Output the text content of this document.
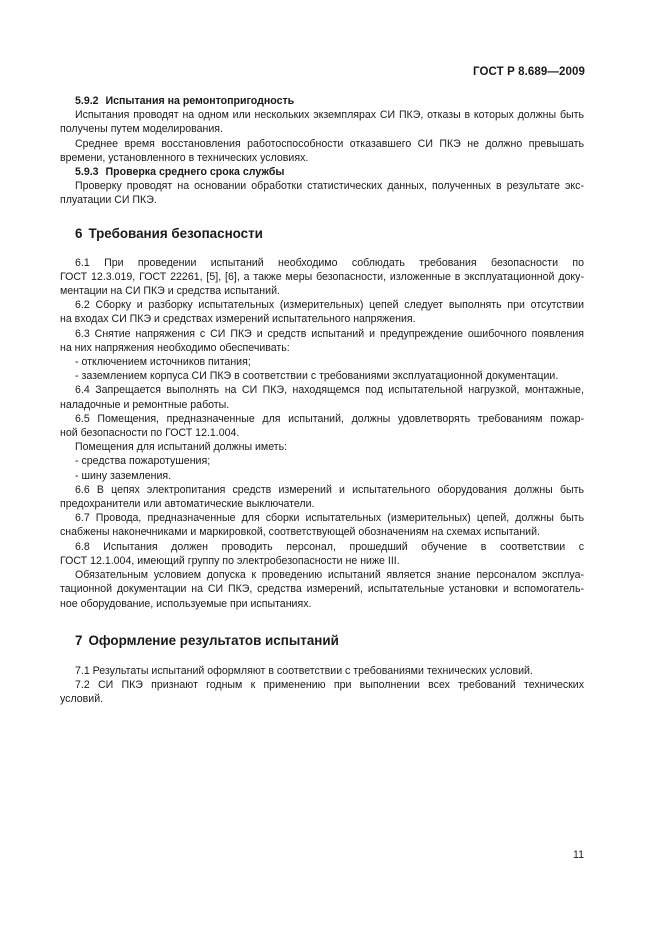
ГОСТ Р 8.689—2009
5.9.2 Испытания на ремонтопригодность
Испытания проводят на одном или нескольких экземплярах СИ ПКЭ, отказы в которых должны быть
получены путем моделирования.
Среднее время восстановления работоспособности отказавшего СИ ПКЭ не должно превышать
времени, установленного в технических условиях.
5.9.3 Проверка среднего срока службы
Проверку проводят на основании обработки статистических данных, полученных в результате экс-
плуатации СИ ПКЭ.
6 Требования безопасности
6.1 При проведении испытаний необходимо соблюдать требования безопасности по
ГОСТ 12.3.019, ГОСТ 22261, [5], [6], а также меры безопасности, изложенные в эксплуатационной доку-
ментации на СИ ПКЭ и средства испытаний.
6.2 Сборку и разборку испытательных (измерительных) цепей следует выполнять при отсутствии
на входах СИ ПКЭ и средствах измерений испытательного напряжения.
6.3 Снятие напряжения с СИ ПКЭ и средств испытаний и предупреждение ошибочного появления
на них напряжения необходимо обеспечивать:
- отключением источников питания;
- заземлением корпуса СИ ПКЭ в соответствии с требованиями эксплуатационной документации.
6.4 Запрещается выполнять на СИ ПКЭ, находящемся под испытательной нагрузкой, монтажные,
наладочные и ремонтные работы.
6.5 Помещения, предназначенные для испытаний, должны удовлетворять требованиям пожар-
ной безопасности по ГОСТ 12.1.004.
Помещения для испытаний должны иметь:
- средства пожаротушения;
- шину заземления.
6.6 В цепях электропитания средств измерений и испытательного оборудования должны быть
предохранители или автоматические выключатели.
6.7 Провода, предназначенные для сборки испытательных (измерительных) цепей, должны быть
снабжены наконечниками и маркировкой, соответствующей обозначениям на схемах испытаний.
6.8 Испытания должен проводить персонал, прошедший обучение в соответствии с
ГОСТ 12.1.004, имеющий группу по электробезопасности не ниже III.
Обязательным условием допуска к проведению испытаний является знание персоналом эксплуа-
тационной документации на СИ ПКЭ, средства измерений, испытательные установки и вспомогатель-
ное оборудование, используемые при испытаниях.
7 Оформление результатов испытаний
7.1 Результаты испытаний оформляют в соответствии с требованиями технических условий.
7.2 СИ ПКЭ признают годным к применению при выполнении всех требований технических
условий.
11
